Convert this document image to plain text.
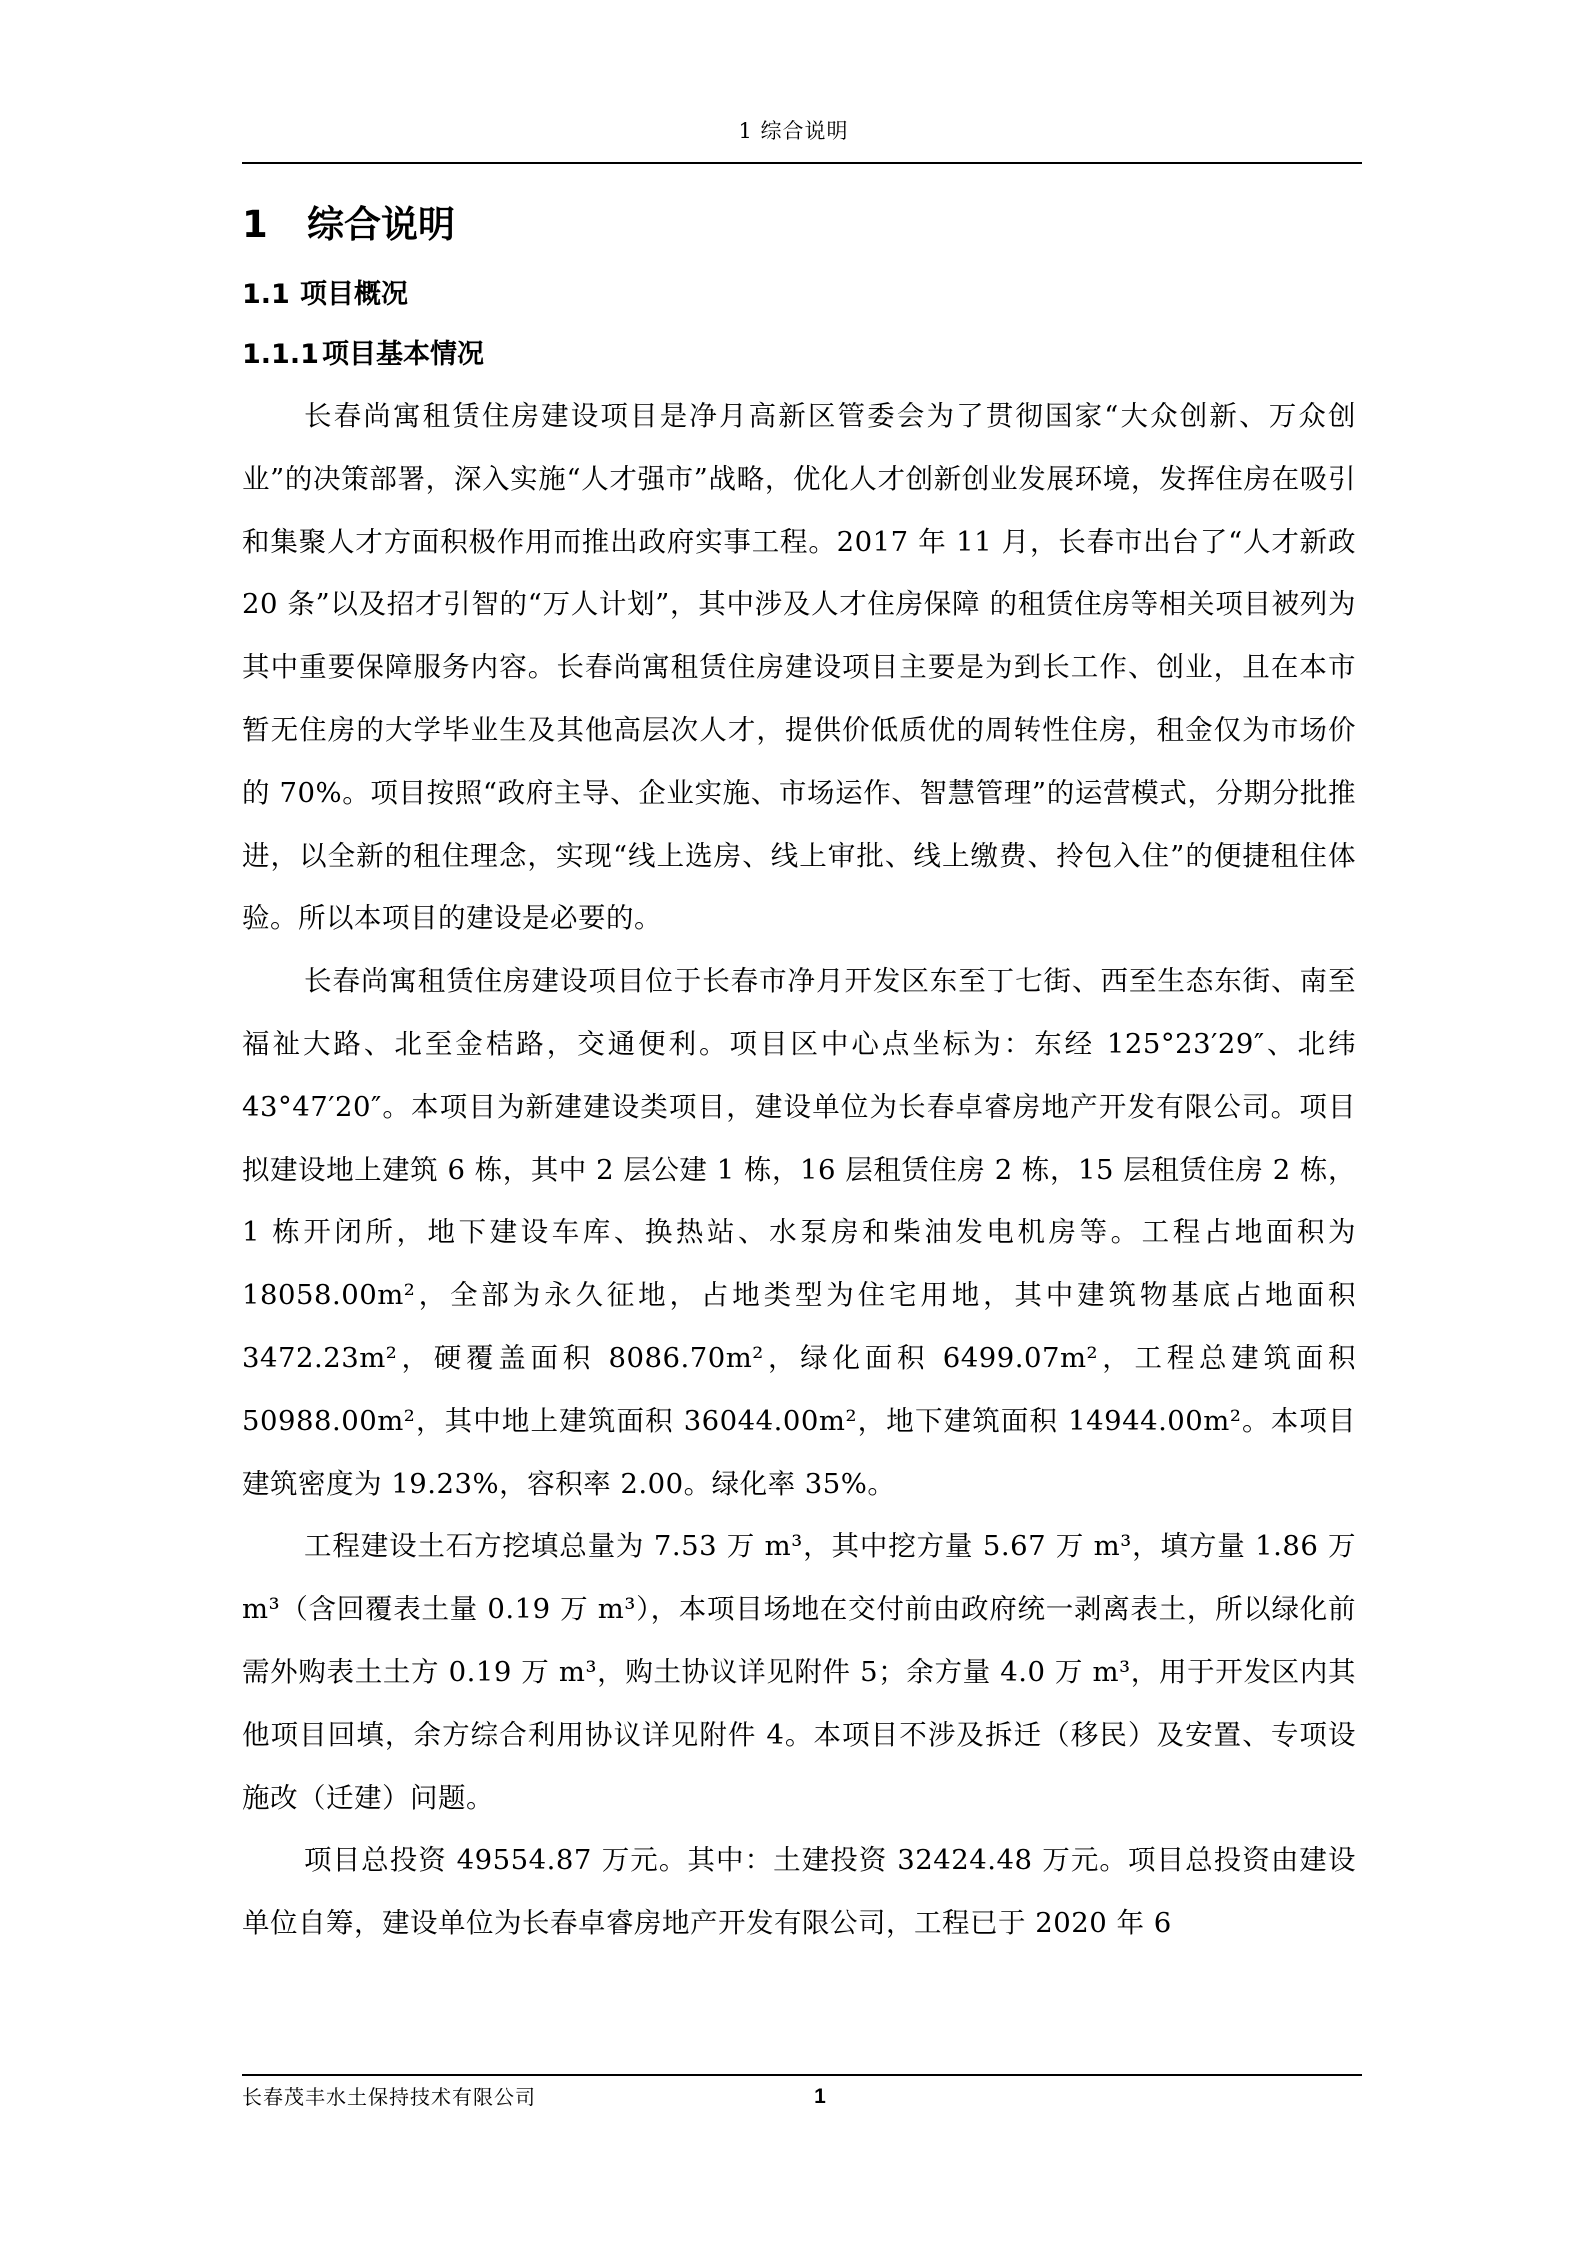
1 综合说明
1 综合说明
1.1 项目概况
1.1.1 项目基本情况

长春尚寓租赁住房建设项目是净月高新区管委会为了贯彻国家“大众创新、万众创业”的决策部署，深入实施“人才强市”战略，优化人才创新创业发展环境，发挥住房在吸引和集聚人才方面积极作用而推出政府实事工程。2017 年 11 月，长春市出台了“人才新政 20 条”以及招才引智的“万人计划”，其中涉及人才住房保障 的租赁住房等相关项目被列为其中重要保障服务内容。长春尚寓租赁住房建设项目主要是为到长工作、创业，且在本市暂无住房的大学毕业生及其他高层次人才，提供价低质优的周转性住房，租金仅为市场价的 70%。项目按照“政府主导、企业实施、市场运作、智慧管理”的运营模式，分期分批推进，以全新的租住理念，实现“线上选房、线上审批、线上缴费、拎包入住”的便捷租住体验。所以本项目的建设是必要的。

长春尚寓租赁住房建设项目位于长春市净月开发区东至丁七街、西至生态东街、南至福祉大路、北至金桔路，交通便利。项目区中心点坐标为：东经 125°23′29″、北纬 43°47′20″。本项目为新建建设类项目，建设单位为长春卓睿房地产开发有限公司。项目拟建设地上建筑 6 栋，其中 2 层公建 1 栋，16 层租赁住房 2 栋，15 层租赁住房 2 栋，1 栋开闭所，地下建设车库、换热站、水泵房和柴油发电机房等。工程占地面积为 18058.00m²，全部为永久征地，占地类型为住宅用地，其中建筑物基底占地面积 3472.23m²，硬覆盖面积 8086.70m²，绿化面积 6499.07m²，工程总建筑面积 50988.00m²，其中地上建筑面积 36044.00m²，地下建筑面积 14944.00m²。本项目建筑密度为 19.23%，容积率 2.00。绿化率 35%。

工程建设土石方挖填总量为 7.53 万 m³，其中挖方量 5.67 万 m³，填方量 1.86 万 m³（含回覆表土量 0.19 万 m³），本项目场地在交付前由政府统一剥离表土，所以绿化前需外购表土土方 0.19 万 m³，购土协议详见附件 5；余方量 4.0 万 m³，用于开发区内其他项目回填，余方综合利用协议详见附件 4。本项目不涉及拆迁（移民）及安置、专项设施改（迁建）问题。

项目总投资 49554.87 万元。其中：土建投资 32424.48 万元。项目总投资由建设单位自筹，建设单位为长春卓睿房地产开发有限公司，工程已于 2020 年 6

长春茂丰水土保持技术有限公司	1
